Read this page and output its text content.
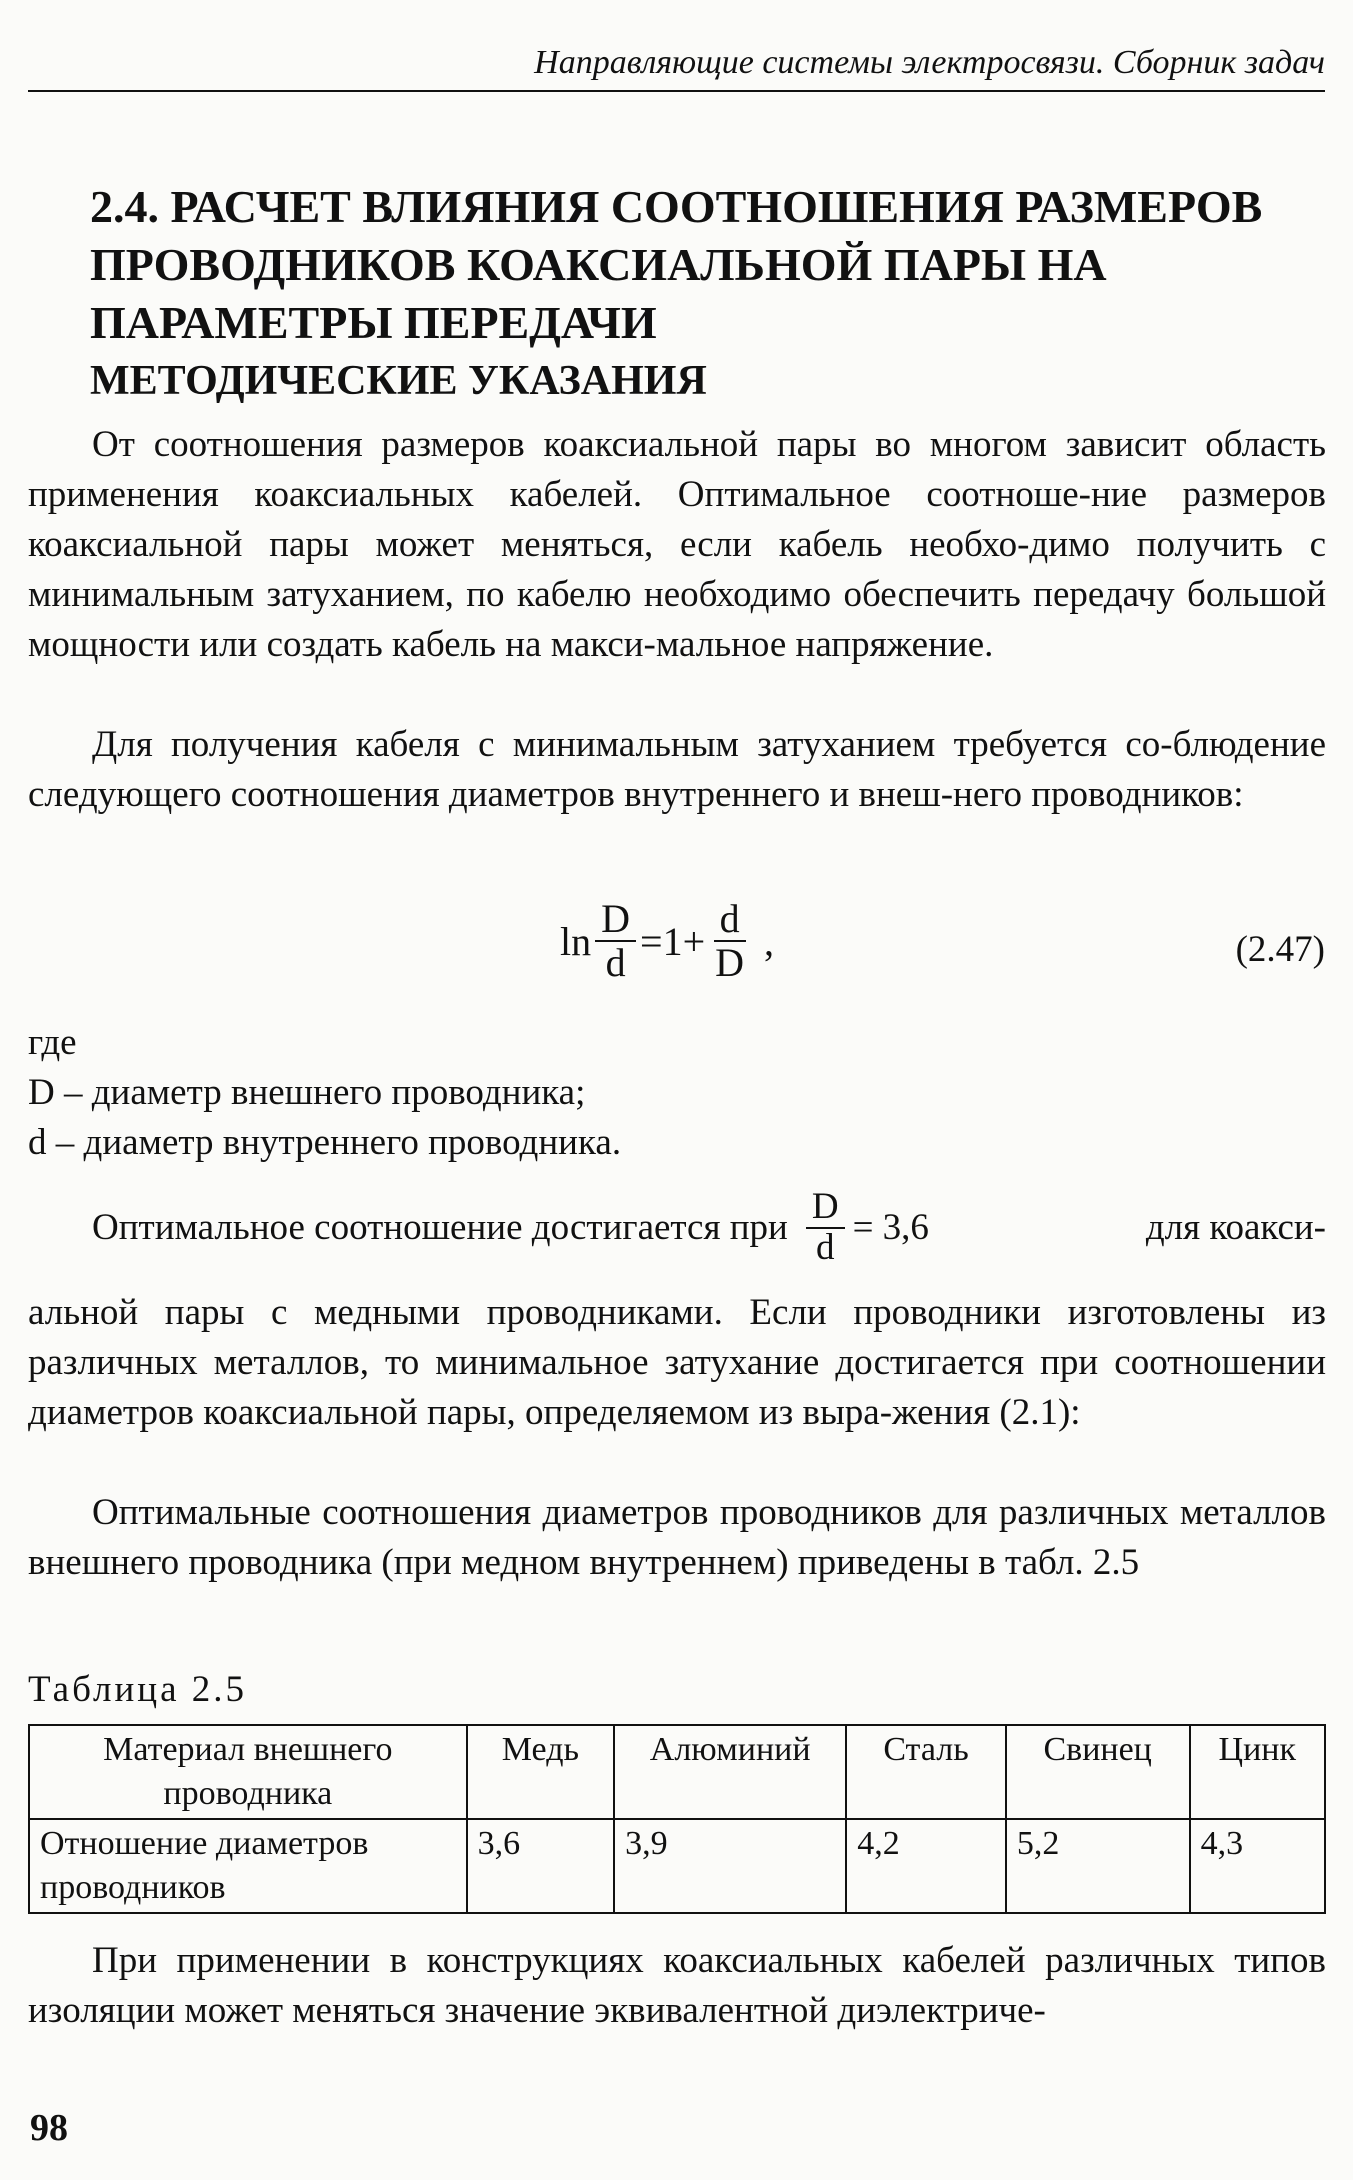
Направляющие системы электросвязи. Сборник задач
2.4. РАСЧЕТ ВЛИЯНИЯ СООТНОШЕНИЯ РАЗМЕРОВ ПРОВОДНИКОВ КОАКСИАЛЬНОЙ ПАРЫ НА ПАРАМЕТРЫ ПЕРЕДАЧИ
МЕТОДИЧЕСКИЕ УКАЗАНИЯ

От соотношения размеров коаксиальной пары во многом зависит область применения коаксиальных кабелей. Оптимальное соотноше-ние размеров коаксиальной пары может меняться, если кабель необхо-димо получить с минимальным затуханием, по кабелю необходимо обеспечить передачу большой мощности или создать кабель на макси-мальное напряжение.

Для получения кабеля с минимальным затуханием требуется со-блюдение следующего соотношения диаметров внутреннего и внеш-него проводников:

$\ln \frac{D}{d} =1+ \frac{d}{D}$ ,	(2.47)

где

D – диаметр внешнего проводника;

d – диаметр внутреннего проводника.

Оптимальное соотношение достигается при $\frac{D}{d} = 3,6$	для коакси-

альной пары с медными проводниками. Если проводники изготовлены из различных металлов, то минимальное затухание достигается при соотношении диаметров коаксиальной пары, определяемом из выра-жения (2.1):

Оптимальные соотношения диаметров проводников для различных металлов внешнего проводника (при медном внутреннем) приведены в табл. 2.5

Таблица 2.5
Материал внешнего проводника	Медь	Алюминий	Сталь	Свинец	Цинк
Отношение диаметров проводников	3,6	3,9	4,2	5,2	4,3

При применении в конструкциях коаксиальных кабелей различных типов изоляции может меняться значение эквивалентной диэлектриче-

98
